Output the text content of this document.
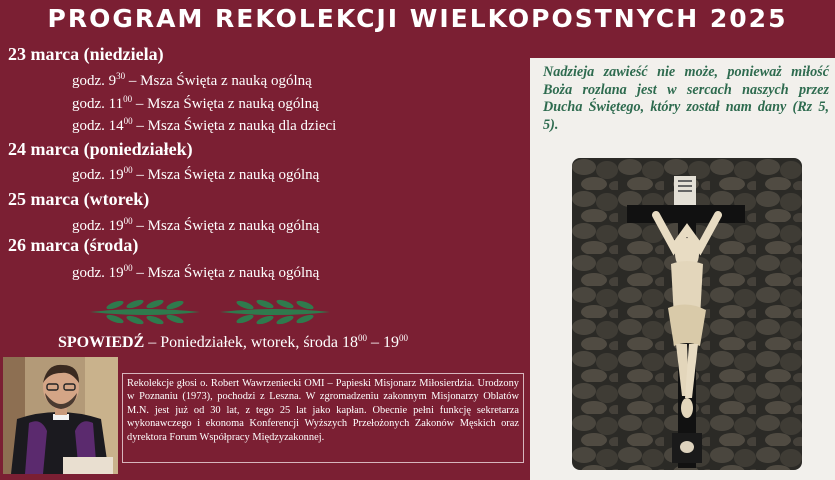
PROGRAM REKOLEKCJI WIELKOPOSTNYCH 2025
23 marca (niedziela)
godz. $9^{30}$ – Msza Święta z nauką ogólną
godz. $11^{00}$ – Msza Święta z nauką ogólną
godz. $14^{00}$ – Msza Święta z nauką dla dzieci
24 marca (poniedziałek)
godz. $19^{00}$ – Msza Święta z nauką ogólną
25 marca (wtorek)
godz. $19^{00}$ – Msza Święta z nauką ogólną
26 marca (środa)
godz. $19^{00}$ – Msza Święta z nauką ogólną
SPOWIEDŹ – Poniedziałek, wtorek, środa $18^{00} - 19^{00}$
Rekolekcje głosi o. Robert Wawrzeniecki OMI – Papieski Misjonarz Miłosierdzia. Urodzony w Poznaniu (1973), pochodzi z Leszna. W zgromadzeniu zakonnym Misjonarzy Oblatów M.N. jest już od 30 lat, z tego 25 lat jako kapłan. Obecnie pełni funkcję sekretarza wykonawczego i ekonoma Konferencji Wyższych Przełożonych Zakonów Męskich oraz dyrektora Forum Współpracy Międzyzakonnej.
Nadzieja zawieść nie może, ponieważ miłość Boża rozlana jest w sercach naszych przez Ducha Świętego, który został nam dany (Rz 5, 5).
